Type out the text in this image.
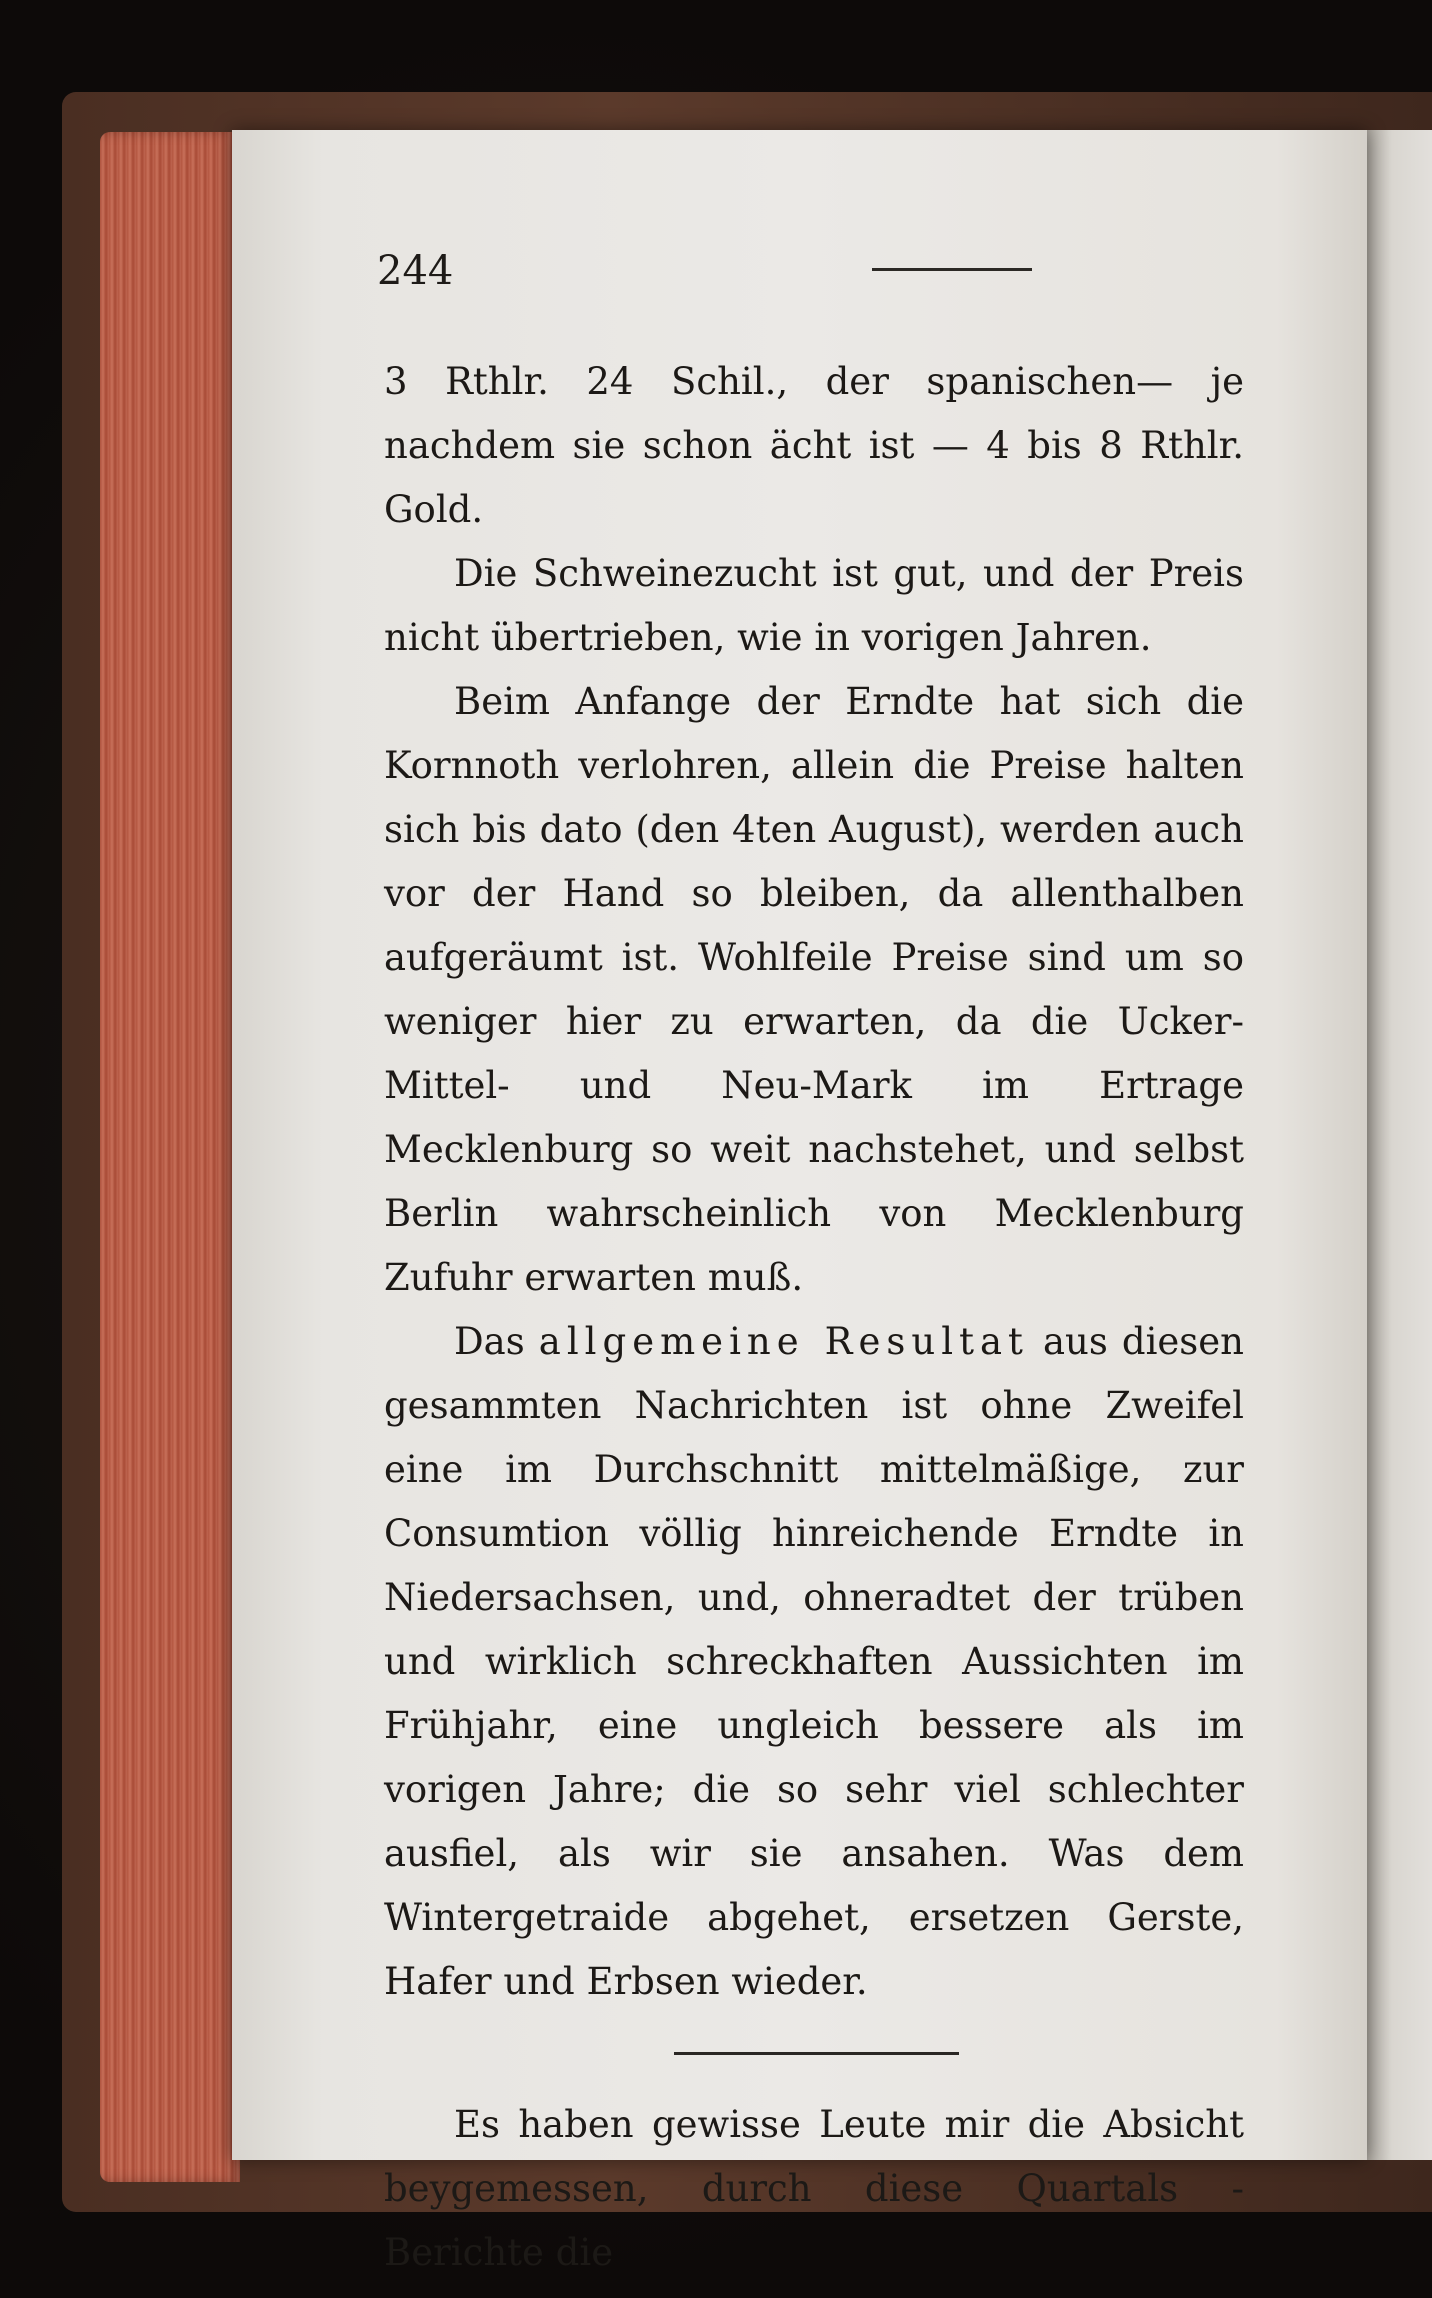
244

3 Rthlr. 24 Schil., der spanischen— je nachdem sie schon ächt ist — 4 bis 8 Rthlr. Gold.

Die Schweinezucht ist gut, und der Preis nicht übertrieben, wie in vorigen Jahren.

Beim Anfange der Erndte hat sich die Kornnoth verlohren, allein die Preise halten sich bis dato (den 4ten August), werden auch vor der Hand so bleiben, da allenthalben aufgeräumt ist. Wohlfeile Preise sind um so weniger hier zu erwarten, da die Ucker- Mittel- und Neu-Mark im Ertrage Mecklenburg so weit nachstehet, und selbst Berlin wahrscheinlich von Mecklenburg Zufuhr erwarten muß.

Das allgemeine Resultat aus diesen gesammten Nachrichten ist ohne Zweifel eine im Durchschnitt mittelmäßige, zur Consumtion völlig hinreichende Erndte in Niedersachsen, und, ohneradtet der trüben und wirklich schreckhaften Aussichten im Frühjahr, eine ungleich bessere als im vorigen Jahre; die so sehr viel schlechter ausfiel, als wir sie ansahen. Was dem Wintergetraide abgehet, ersetzen Gerste, Hafer und Erbsen wieder.

Es haben gewisse Leute mir die Absicht beygemessen, durch diese Quartals - Berichte die
